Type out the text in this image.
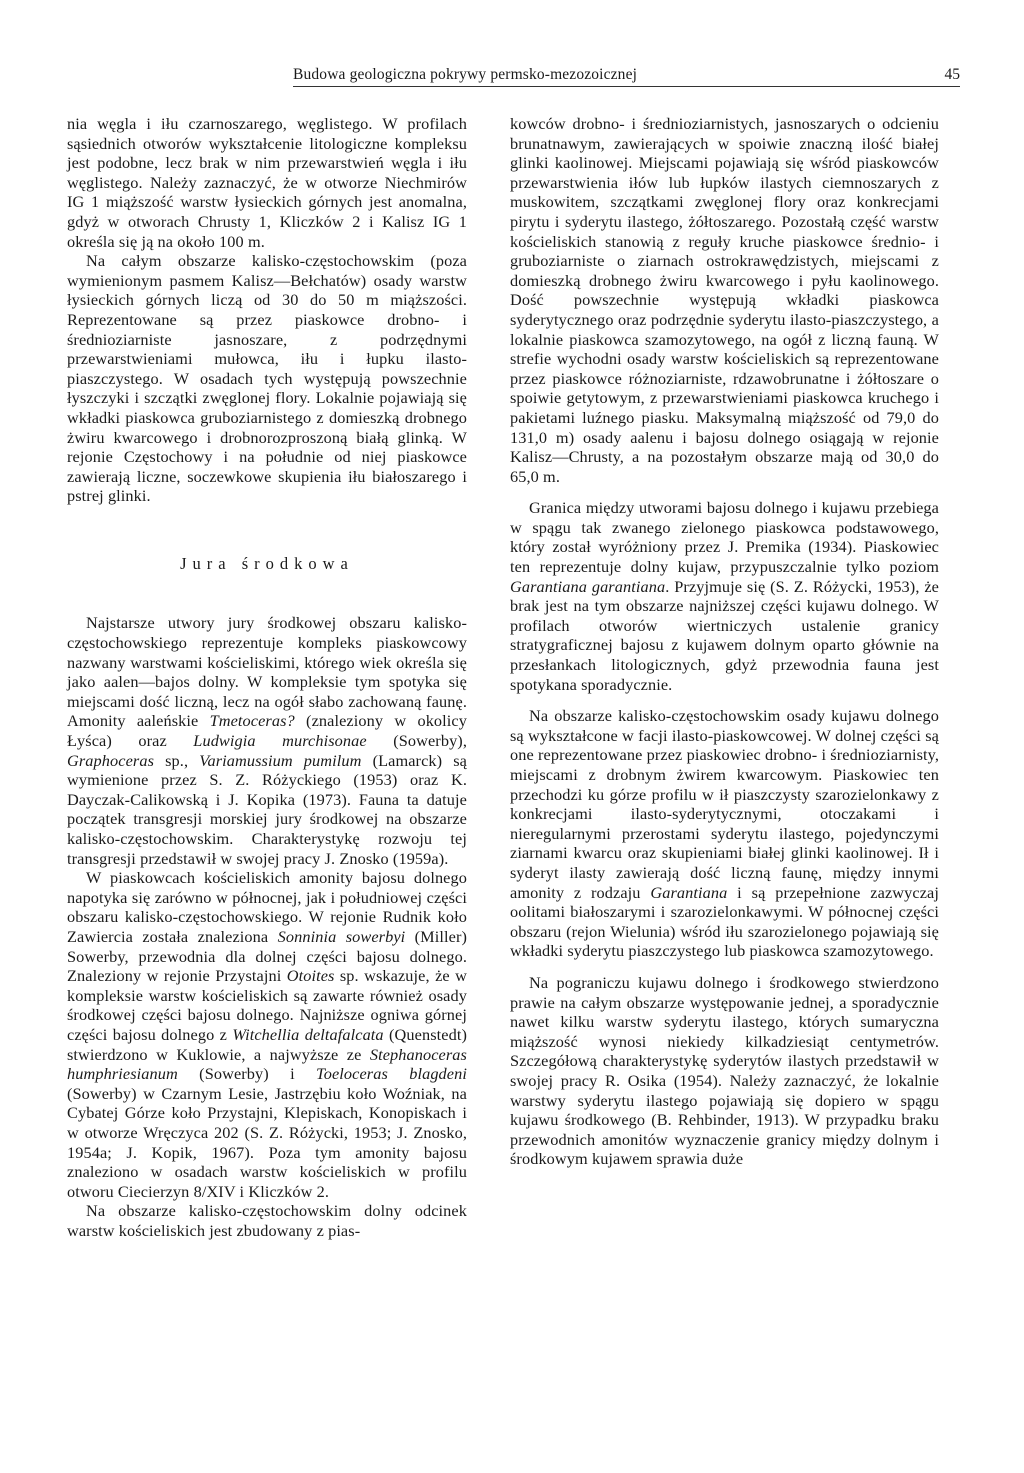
Budowa geologiczna pokrywy permsko-mezozoicznej	45

nia węgla i iłu czarnoszarego, węglistego. W profilach sąsiednich otworów wykształcenie litologiczne kompleksu jest podobne, lecz brak w nim przewarstwień węgla i iłu węglistego. Należy zaznaczyć, że w otworze Niechmirów IG 1 miąższość warstw łysieckich górnych jest anomalna, gdyż w otworach Chrusty 1, Kliczków 2 i Kalisz IG 1 określa się ją na około 100 m.

Na całym obszarze kalisko-częstochowskim (poza wymienionym pasmem Kalisz—Bełchatów) osady warstw łysieckich górnych liczą od 30 do 50 m miąższości. Reprezentowane są przez piaskowce drobno- i średnioziarniste jasnoszare, z podrzędnymi przewarstwieniami mułowca, iłu i łupku ilasto-piaszczystego. W osadach tych występują powszechnie łyszczyki i szczątki zwęglonej flory. Lokalnie pojawiają się wkładki piaskowca gruboziarnistego z domieszką drobnego żwiru kwarcowego i drobnorozproszoną białą glinką. W rejonie Częstochowy i na południe od niej piaskowce zawierają liczne, soczewkowe skupienia iłu białoszarego i pstrej glinki.

Jura środkowa

Najstarsze utwory jury środkowej obszaru kalisko-częstochowskiego reprezentuje kompleks piaskowcowy nazwany warstwami kościeliskimi, którego wiek określa się jako aalen—bajos dolny. W kompleksie tym spotyka się miejscami dość liczną, lecz na ogół słabo zachowaną faunę. Amonity aaleńskie Tmetoceras? (znaleziony w okolicy Łyśca) oraz Ludwigia murchisonae (Sowerby), Graphoceras sp., Variamussium pumilum (Lamarck) są wymienione przez S. Z. Różyckiego (1953) oraz K. Dayczak-Calikowską i J. Kopika (1973). Fauna ta datuje początek transgresji morskiej jury środkowej na obszarze kalisko-częstochowskim. Charakterystykę rozwoju tej transgresji przedstawił w swojej pracy J. Znosko (1959a).

W piaskowcach kościeliskich amonity bajosu dolnego napotyka się zarówno w północnej, jak i południowej części obszaru kalisko-częstochowskiego. W rejonie Rudnik koło Zawiercia została znaleziona Sonninia sowerbyi (Miller) Sowerby, przewodnia dla dolnej części bajosu dolnego. Znaleziony w rejonie Przystajni Otoites sp. wskazuje, że w kompleksie warstw kościeliskich są zawarte również osady środkowej części bajosu dolnego. Najniższe ogniwa górnej części bajosu dolnego z Witchellia deltafalcata (Quenstedt) stwierdzono w Kuklowie, a najwyższe ze Stephanoceras humphriesianum (Sowerby) i Toeloceras blagdeni (Sowerby) w Czarnym Lesie, Jastrzębiu koło Woźniak, na Cybatej Górze koło Przystajni, Klepiskach, Konopiskach i w otworze Wręczyca 202 (S. Z. Różycki, 1953; J. Znosko, 1954a; J. Kopik, 1967). Poza tym amonity bajosu znaleziono w osadach warstw kościeliskich w profilu otworu Ciecierzyn 8/XIV i Kliczków 2.

Na obszarze kalisko-częstochowskim dolny odcinek warstw kościeliskich jest zbudowany z pias-

kowców drobno- i średnioziarnistych, jasnoszarych o odcieniu brunatnawym, zawierających w spoiwie znaczną ilość białej glinki kaolinowej. Miejscami pojawiają się wśród piaskowców przewarstwienia iłów lub łupków ilastych ciemnoszarych z muskowitem, szczątkami zwęglonej flory oraz konkrecjami pirytu i syderytu ilastego, żółtoszarego. Pozostałą część warstw kościeliskich stanowią z reguły kruche piaskowce średnio- i gruboziarniste o ziarnach ostrokrawędzistych, miejscami z domieszką drobnego żwiru kwarcowego i pyłu kaolinowego. Dość powszechnie występują wkładki piaskowca syderytycznego oraz podrzędnie syderytu ilasto-piaszczystego, a lokalnie piaskowca szamozytowego, na ogół z liczną fauną. W strefie wychodni osady warstw kościeliskich są reprezentowane przez piaskowce różnoziarniste, rdzawobrunatne i żółtoszare o spoiwie getytowym, z przewarstwieniami piaskowca kruchego i pakietami luźnego piasku. Maksymalną miąższość od 79,0 do 131,0 m) osady aalenu i bajosu dolnego osiągają w rejonie Kalisz—Chrusty, a na pozostałym obszarze mają od 30,0 do 65,0 m.

Granica między utworami bajosu dolnego i kujawu przebiega w spągu tak zwanego zielonego piaskowca podstawowego, który został wyróżniony przez J. Premika (1934). Piaskowiec ten reprezentuje dolny kujaw, przypuszczalnie tylko poziom Garantiana garantiana. Przyjmuje się (S. Z. Różycki, 1953), że brak jest na tym obszarze najniższej części kujawu dolnego. W profilach otworów wiertniczych ustalenie granicy stratygraficznej bajosu z kujawem dolnym oparto głównie na przesłankach litologicznych, gdyż przewodnia fauna jest spotykana sporadycznie.

Na obszarze kalisko-częstochowskim osady kujawu dolnego są wykształcone w facji ilasto-piaskowcowej. W dolnej części są one reprezentowane przez piaskowiec drobno- i średnioziarnisty, miejscami z drobnym żwirem kwarcowym. Piaskowiec ten przechodzi ku górze profilu w ił piaszczysty szarozielonkawy z konkrecjami ilasto-syderytycznymi, otoczakami i nieregularnymi przerostami syderytu ilastego, pojedynczymi ziarnami kwarcu oraz skupieniami białej glinki kaolinowej. Ił i syderyt ilasty zawierają dość liczną faunę, między innymi amonity z rodzaju Garantiana i są przepełnione zazwyczaj oolitami białoszarymi i szarozielonkawymi. W północnej części obszaru (rejon Wielunia) wśród iłu szarozielonego pojawiają się wkładki syderytu piaszczystego lub piaskowca szamozytowego.

Na pograniczu kujawu dolnego i środkowego stwierdzono prawie na całym obszarze występowanie jednej, a sporadycznie nawet kilku warstw syderytu ilastego, których sumaryczna miąższość wynosi niekiedy kilkadziesiąt centymetrów. Szczegółową charakterystykę syderytów ilastych przedstawił w swojej pracy R. Osika (1954). Należy zaznaczyć, że lokalnie warstwy syderytu ilastego pojawiają się dopiero w spągu kujawu środkowego (B. Rehbinder, 1913). W przypadku braku przewodnich amonitów wyznaczenie granicy między dolnym i środkowym kujawem sprawia duże
